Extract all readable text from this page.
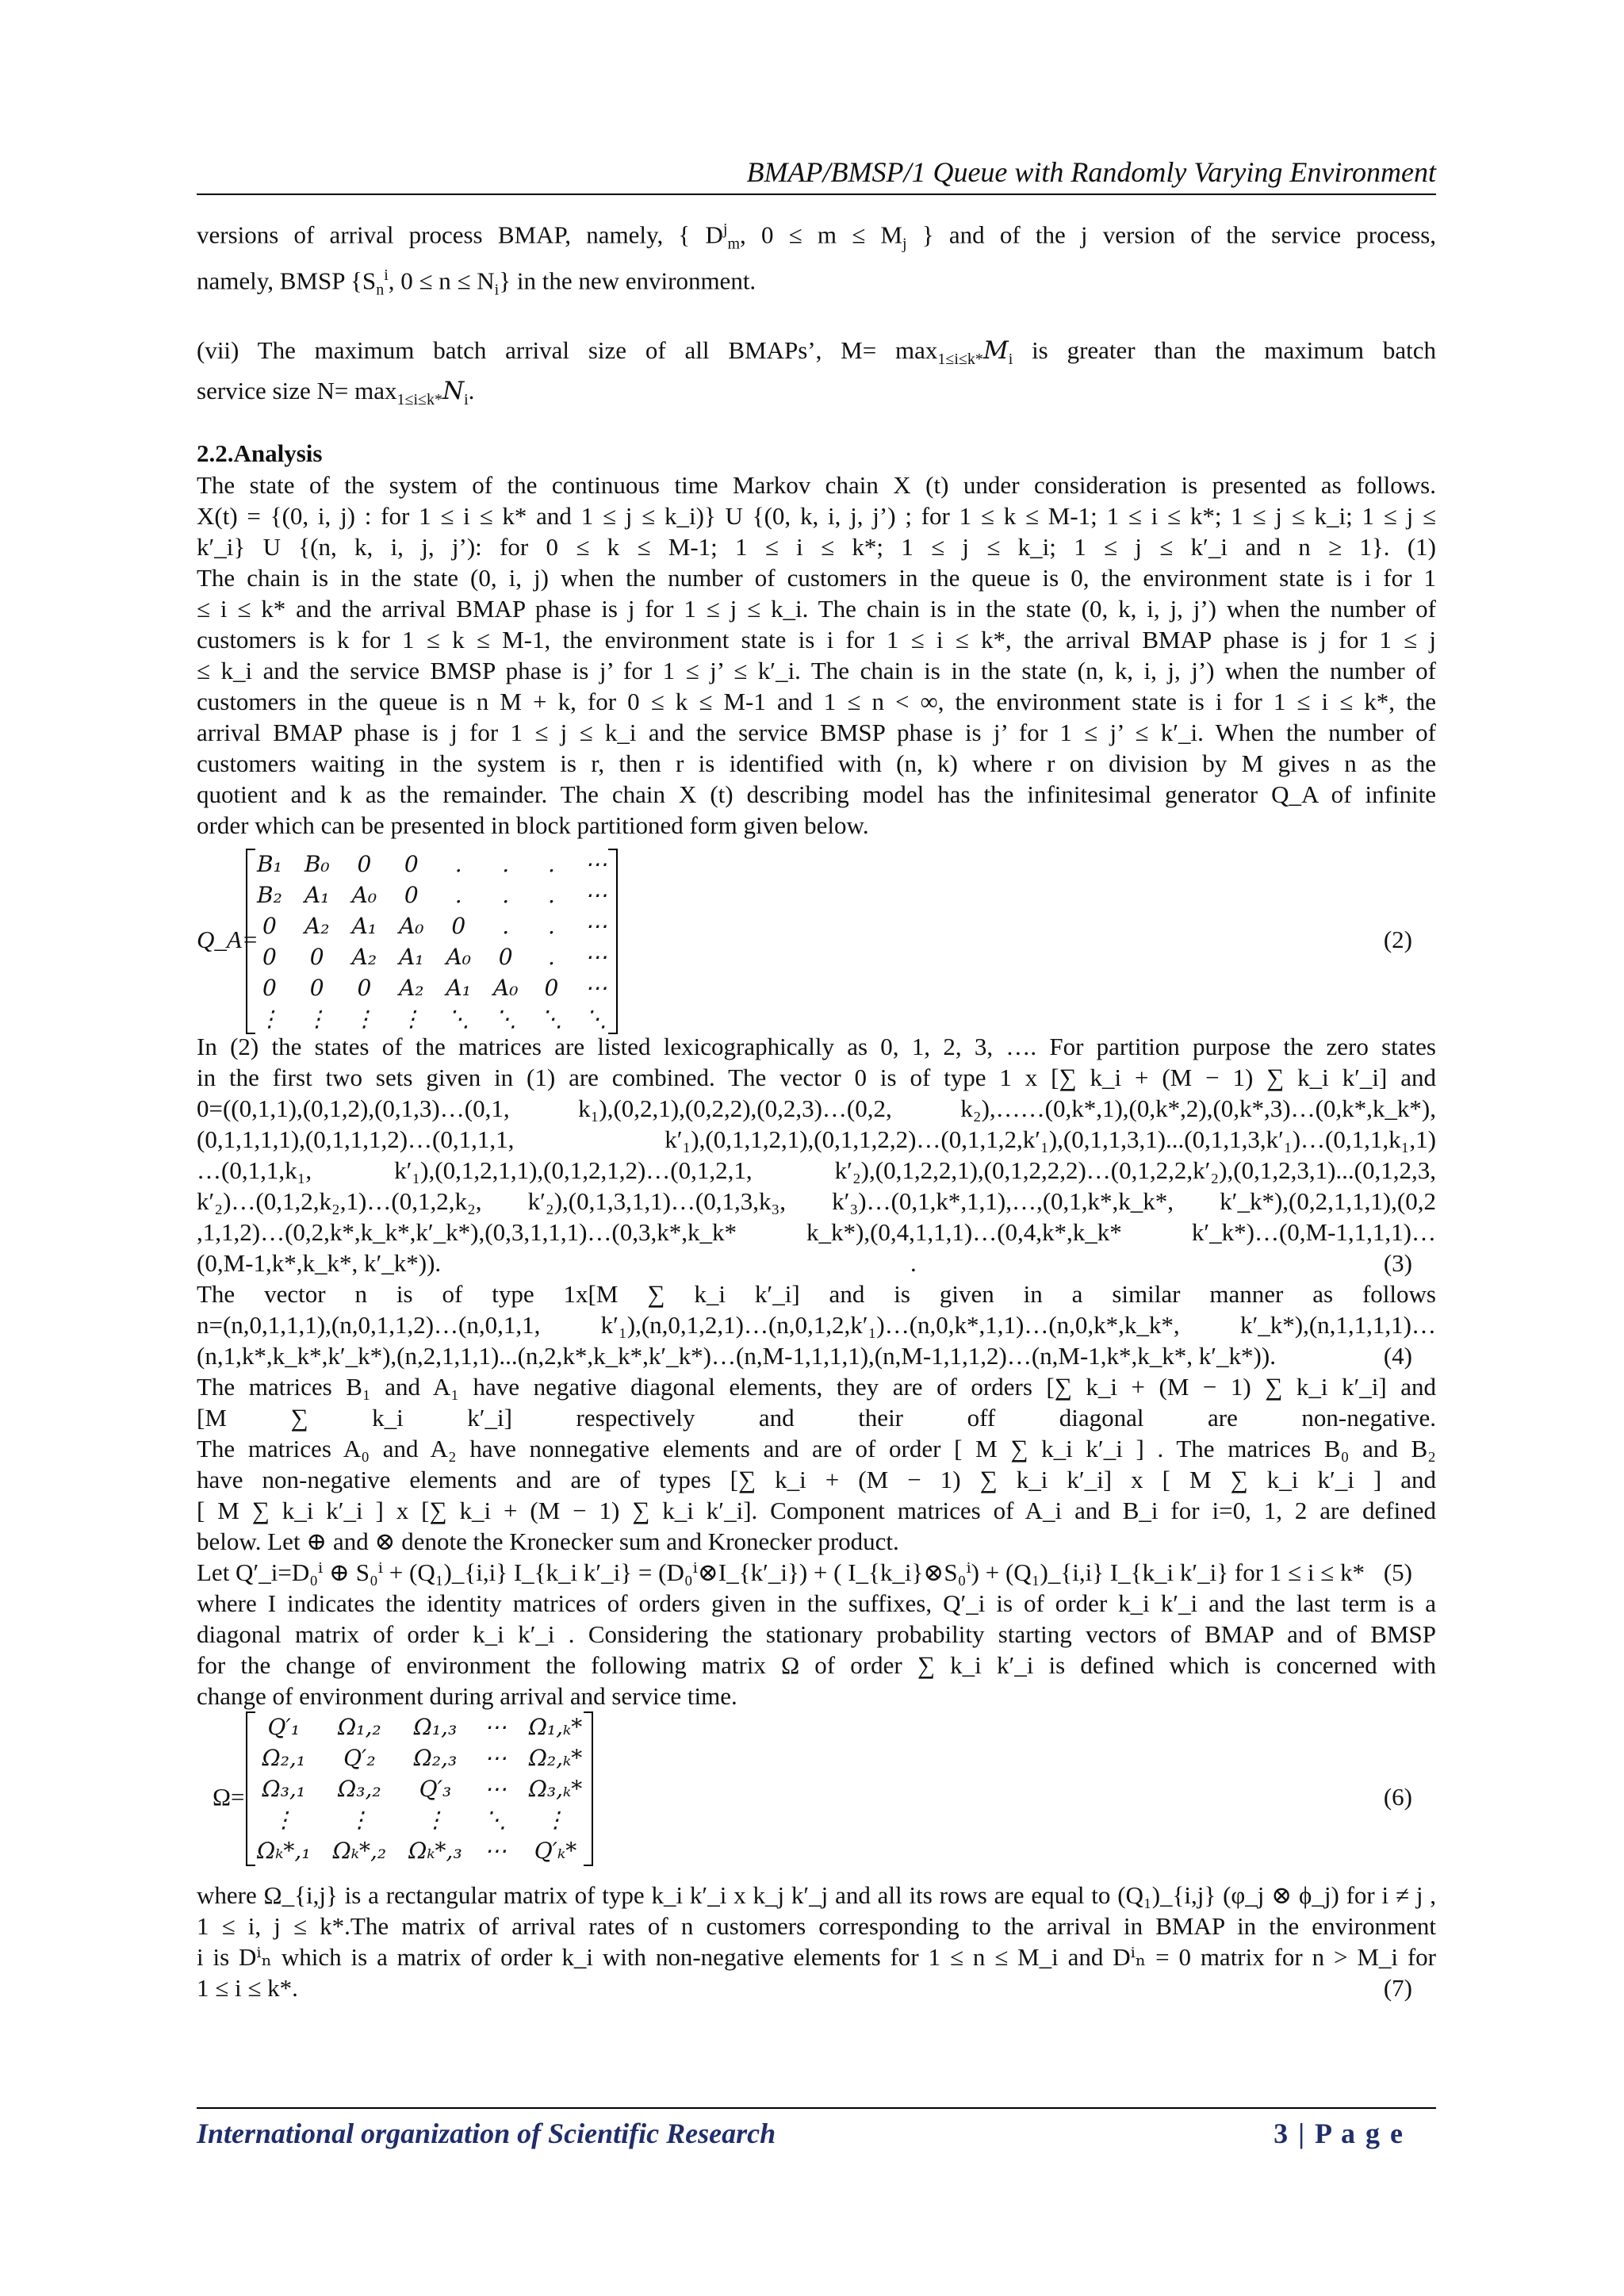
BMAP/BMSP/1 Queue with Randomly Varying Environment
versions of arrival process BMAP, namely, { $D^j_m$, $0 \le m \le M_j$ } and of the j version of the service process,
namely, BMSP {$S_n^i$, $0 \le n \le N_i$} in the new environment.
(vii) The maximum batch arrival size of all BMAPs’, $M= \max_{1\le i\le k*}M_i$ is greater than the maximum batch
service size $N= \max_{1\le i\le k*}N_i$.
2.2.Analysis
The state of the system of the continuous time Markov chain X (t) under consideration is presented as follows.
X(t) = {(0, i, j) : for 1 ≤ i ≤ k* and 1 ≤ j ≤ k_i)} U {(0, k, i, j, j’) ; for 1 ≤ k ≤ M-1; 1 ≤ i ≤ k*; 1 ≤ j ≤ k_i; 1 ≤ j ≤
k′_i} U {(n, k, i, j, j’): for 0 ≤ k ≤ M-1; 1 ≤ i ≤ k*; 1 ≤ j ≤ k_i; 1 ≤ j ≤ k′_i and n ≥ 1}. (1)
The chain is in the state (0, i, j) when the number of customers in the queue is 0, the environment state is i for 1
≤ i ≤ k* and the arrival BMAP phase is j for 1 ≤ j ≤ k_i. The chain is in the state (0, k, i, j, j’) when the number of
customers is k for 1 ≤ k ≤ M-1, the environment state is i for 1 ≤ i ≤ k*, the arrival BMAP phase is j for 1 ≤ j
≤ k_i and the service BMSP phase is j’ for 1 ≤ j’ ≤ k′_i. The chain is in the state (n, k, i, j, j’) when the number of
customers in the queue is n M + k, for 0 ≤ k ≤ M-1 and 1 ≤ n < ∞, the environment state is i for 1 ≤ i ≤ k*, the
arrival BMAP phase is j for 1 ≤ j ≤ k_i and the service BMSP phase is j’ for 1 ≤ j’ ≤ k′_i. When the number of
customers waiting in the system is r, then r is identified with (n, k) where r on division by M gives n as the
quotient and k as the remainder. The chain X (t) describing model has the infinitesimal generator Q_A of infinite
order which can be presented in block partitioned form given below.
Q_A=
B₁	B₀	0	0	.	.	.	⋯
B₂	A₁	A₀	0	.	.	.	⋯
0	A₂	A₁	A₀	0	.	.	⋯
0	0	A₂	A₁	A₀	0	.	⋯
0	0	0	A₂	A₁	A₀	0	⋯
⋮	⋮	⋮	⋮	⋱	⋱	⋱	⋱
(2)
In (2) the states of the matrices are listed lexicographically as 0, 1, 2, 3, …. For partition purpose the zero states
in the first two sets given in (1) are combined. The vector 0 is of type 1 x [∑ k_i + (M − 1) ∑ k_i k′_i] and
0=((0,1,1),(0,1,2),(0,1,3)…(0,1, k₁),(0,2,1),(0,2,2),(0,2,3)…(0,2, k₂),……(0,k*,1),(0,k*,2),(0,k*,3)…(0,k*,k_k*),
(0,1,1,1,1),(0,1,1,1,2)…(0,1,1,1, k′₁),(0,1,1,2,1),(0,1,1,2,2)…(0,1,1,2,k′₁),(0,1,1,3,1)...(0,1,1,3,k′₁)…(0,1,1,k₁,1)
…(0,1,1,k₁, k′₁),(0,1,2,1,1),(0,1,2,1,2)…(0,1,2,1, k′₂),(0,1,2,2,1),(0,1,2,2,2)…(0,1,2,2,k′₂),(0,1,2,3,1)...(0,1,2,3,
k′₂)…(0,1,2,k₂,1)…(0,1,2,k₂, k′₂),(0,1,3,1,1)…(0,1,3,k₃, k′₃)…(0,1,k*,1,1),…,(0,1,k*,k_k*, k′_k*),(0,2,1,1,1),(0,2
,1,1,2)…(0,2,k*,k_k*,k′_k*),(0,3,1,1,1)…(0,3,k*,k_k* k_k*),(0,4,1,1,1)…(0,4,k*,k_k* k′_k*)…(0,M-1,1,1,1)…
(0,M-1,k*,k_k*, k′_k*)).	.	(3)
The vector n is of type 1x[M ∑ k_i k′_i] and is given in a similar manner as follows
n=(n,0,1,1,1),(n,0,1,1,2)…(n,0,1,1, k′₁),(n,0,1,2,1)…(n,0,1,2,k′₁)…(n,0,k*,1,1)…(n,0,k*,k_k*, k′_k*),(n,1,1,1,1)…
(n,1,k*,k_k*,k′_k*),(n,2,1,1,1)...(n,2,k*,k_k*,k′_k*)…(n,M-1,1,1,1),(n,M-1,1,1,2)…(n,M-1,k*,k_k*, k′_k*)).	(4)
The matrices B₁ and A₁ have negative diagonal elements, they are of orders [∑ k_i + (M − 1) ∑ k_i k′_i] and
[M ∑ k_i k′_i] respectively and their off diagonal are non-negative.
The matrices A₀ and A₂ have nonnegative elements and are of order [ M ∑ k_i k′_i ] . The matrices B₀ and B₂
have non-negative elements and are of types [∑ k_i + (M − 1) ∑ k_i k′_i] x [ M ∑ k_i k′_i ] and
[ M ∑ k_i k′_i ] x [∑ k_i + (M − 1) ∑ k_i k′_i]. Component matrices of A_i and B_i for i=0, 1, 2 are defined
below. Let ⊕ and ⊗ denote the Kronecker sum and Kronecker product.
Let Q′_i=D₀ⁱ ⊕ S₀ⁱ + (Q₁)_{i,i} I_{k_i k′_i} = (D₀ⁱ⊗I_{k′_i}) + ( I_{k_i}⊗S₀ⁱ) + (Q₁)_{i,i} I_{k_i k′_i} for 1 ≤ i ≤ k* (5)
where I indicates the identity matrices of orders given in the suffixes, Q′_i is of order k_i k′_i and the last term is a
diagonal matrix of order k_i k′_i . Considering the stationary probability starting vectors of BMAP and of BMSP
for the change of environment the following matrix Ω of order ∑ k_i k′_i is defined which is concerned with
change of environment during arrival and service time.
Ω=
Q′₁	Ω₁,₂	Ω₁,₃	⋯	Ω₁,ₖ*
Ω₂,₁	Q′₂	Ω₂,₃	⋯	Ω₂,ₖ*
Ω₃,₁	Ω₃,₂	Q′₃	⋯	Ω₃,ₖ*
⋮	⋮	⋮	⋱	⋮
Ωₖ*,₁	Ωₖ*,₂	Ωₖ*,₃	⋯	Q′ₖ*
(6)
where Ω_{i,j} is a rectangular matrix of type k_i k′_i x k_j k′_j and all its rows are equal to (Q₁)_{i,j} (φ_j ⊗ ϕ_j) for i ≠ j ,
1 ≤ i, j ≤ k*.The matrix of arrival rates of n customers corresponding to the arrival in BMAP in the environment
i is Dⁱₙ which is a matrix of order k_i with non-negative elements for 1 ≤ n ≤ M_i and Dⁱₙ = 0 matrix for n > M_i for
1 ≤ i ≤ k*.	(7)
International organization of Scientific Research	3 | P a g e
